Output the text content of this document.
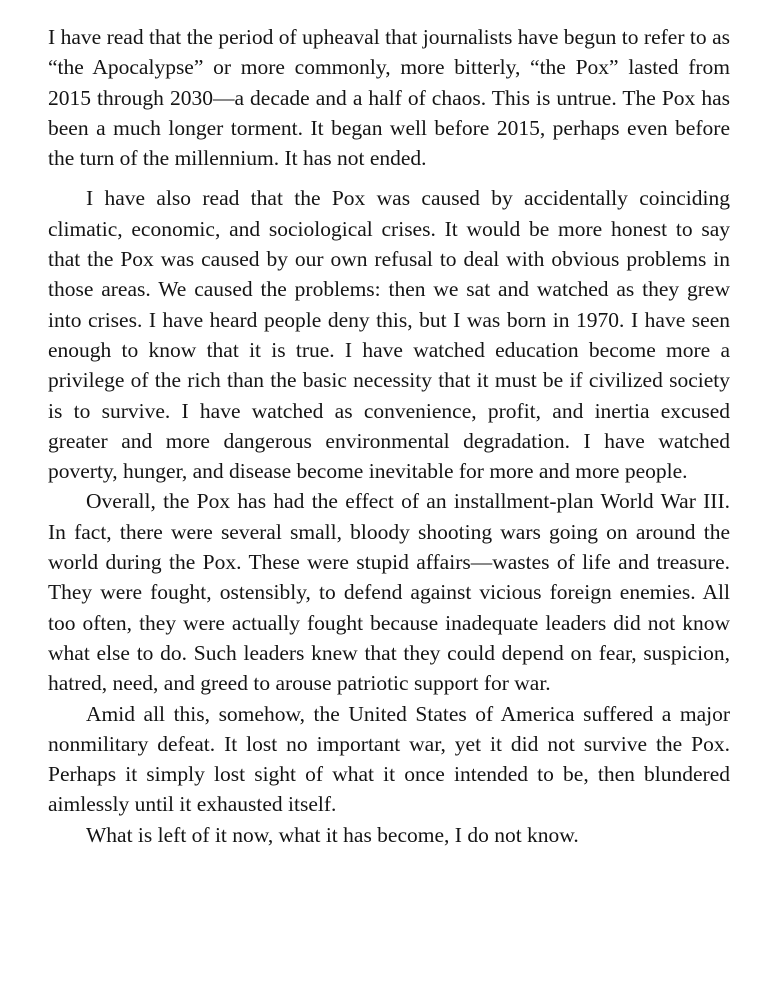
I have read that the period of upheaval that journalists have begun to refer to as “the Apocalypse” or more commonly, more bitterly, “the Pox” lasted from 2015 through 2030—a decade and a half of chaos. This is untrue. The Pox has been a much longer torment. It began well before 2015, perhaps even before the turn of the millennium. It has not ended.

I have also read that the Pox was caused by accidentally coinciding climatic, economic, and sociological crises. It would be more honest to say that the Pox was caused by our own refusal to deal with obvious problems in those areas. We caused the problems: then we sat and watched as they grew into crises. I have heard people deny this, but I was born in 1970. I have seen enough to know that it is true. I have watched education become more a privilege of the rich than the basic necessity that it must be if civilized society is to survive. I have watched as convenience, profit, and inertia excused greater and more dangerous environmental degradation. I have watched poverty, hunger, and disease become inevitable for more and more people.

Overall, the Pox has had the effect of an installment-plan World War III. In fact, there were several small, bloody shooting wars going on around the world during the Pox. These were stupid affairs—wastes of life and treasure. They were fought, ostensibly, to defend against vicious foreign enemies. All too often, they were actually fought because inadequate leaders did not know what else to do. Such leaders knew that they could depend on fear, suspicion, hatred, need, and greed to arouse patriotic support for war.

Amid all this, somehow, the United States of America suffered a major nonmilitary defeat. It lost no important war, yet it did not survive the Pox. Perhaps it simply lost sight of what it once intended to be, then blundered aimlessly until it exhausted itself.

What is left of it now, what it has become, I do not know.
